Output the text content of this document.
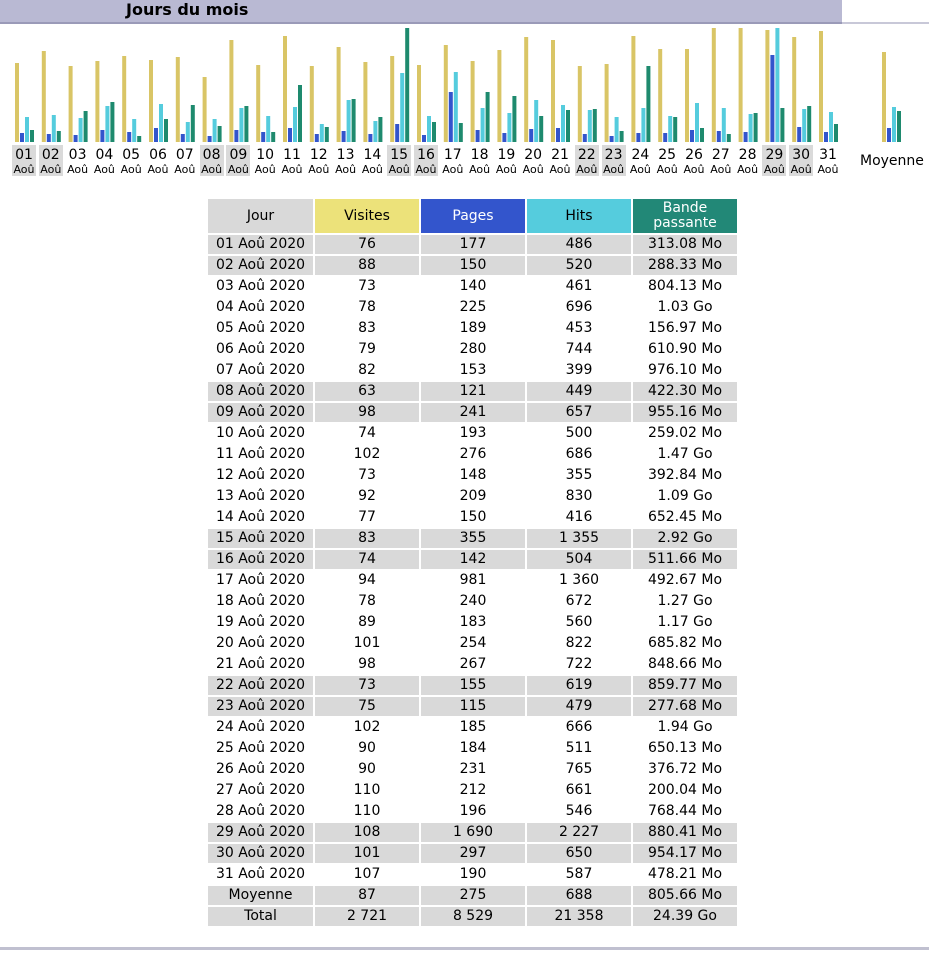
Jours du mois
01
Aoû
02
Aoû
03
Aoû
04
Aoû
05
Aoû
06
Aoû
07
Aoû
08
Aoû
09
Aoû
10
Aoû
11
Aoû
12
Aoû
13
Aoû
14
Aoû
15
Aoû
16
Aoû
17
Aoû
18
Aoû
19
Aoû
20
Aoû
21
Aoû
22
Aoû
23
Aoû
24
Aoû
25
Aoû
26
Aoû
27
Aoû
28
Aoû
29
Aoû
30
Aoû
31
Aoû
Moyenne
Jour	Visites	Pages	Hits	Bande passante
01 Aoû 2020	76	177	486	313.08 Mo
02 Aoû 2020	88	150	520	288.33 Mo
03 Aoû 2020	73	140	461	804.13 Mo
04 Aoû 2020	78	225	696	1.03 Go
05 Aoû 2020	83	189	453	156.97 Mo
06 Aoû 2020	79	280	744	610.90 Mo
07 Aoû 2020	82	153	399	976.10 Mo
08 Aoû 2020	63	121	449	422.30 Mo
09 Aoû 2020	98	241	657	955.16 Mo
10 Aoû 2020	74	193	500	259.02 Mo
11 Aoû 2020	102	276	686	1.47 Go
12 Aoû 2020	73	148	355	392.84 Mo
13 Aoû 2020	92	209	830	1.09 Go
14 Aoû 2020	77	150	416	652.45 Mo
15 Aoû 2020	83	355	1 355	2.92 Go
16 Aoû 2020	74	142	504	511.66 Mo
17 Aoû 2020	94	981	1 360	492.67 Mo
18 Aoû 2020	78	240	672	1.27 Go
19 Aoû 2020	89	183	560	1.17 Go
20 Aoû 2020	101	254	822	685.82 Mo
21 Aoû 2020	98	267	722	848.66 Mo
22 Aoû 2020	73	155	619	859.77 Mo
23 Aoû 2020	75	115	479	277.68 Mo
24 Aoû 2020	102	185	666	1.94 Go
25 Aoû 2020	90	184	511	650.13 Mo
26 Aoû 2020	90	231	765	376.72 Mo
27 Aoû 2020	110	212	661	200.04 Mo
28 Aoû 2020	110	196	546	768.44 Mo
29 Aoû 2020	108	1 690	2 227	880.41 Mo
30 Aoû 2020	101	297	650	954.17 Mo
31 Aoû 2020	107	190	587	478.21 Mo
Moyenne	87	275	688	805.66 Mo
Total	2 721	8 529	21 358	24.39 Go
